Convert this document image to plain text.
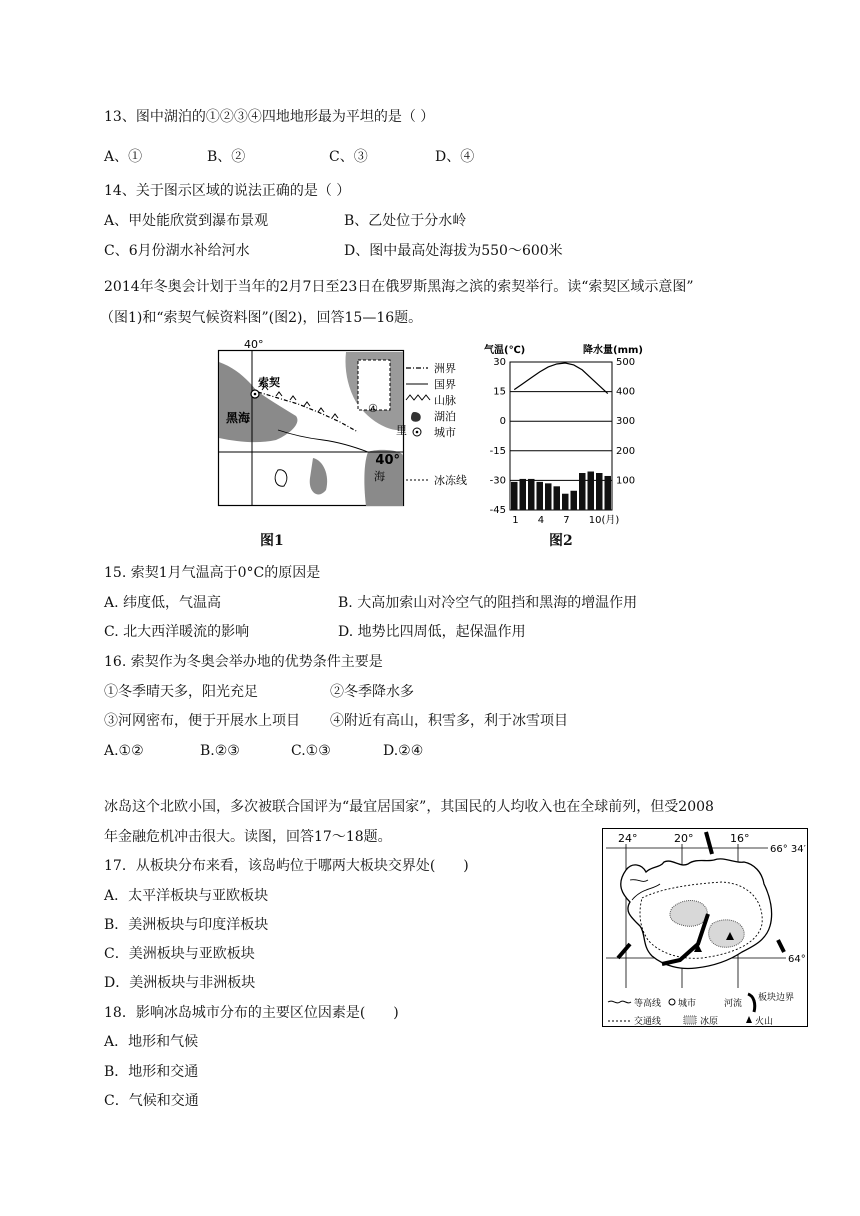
13、图中湖泊的①②③④四地地形最为平坦的是（ ）
A、①	B、②	C、③	D、④
14、关于图示区域的说法正确的是（ ）
A、甲处能欣赏到瀑布景观	B、乙处位于分水岭
C、6月份湖水补给河水	D、图中最高处海拔为550～600米
2014年冬奥会计划于当年的2月7日至23日在俄罗斯黑海之滨的索契举行。读“索契区域示意图”
（图1)和“索契气候资料图”(图2)，回答15—16题。
索契
黑海
40°
40°
海
里
④
洲界
国界
山脉
湖泊
城市
冰冻线
图1
气温(℃)	降水量(mm)
30
15
0
-15
-30
-45
500
400
300
200
100
1 4 7 10(月)
图2
15. 索契1月气温高于0°C的原因是
A. 纬度低，气温高	B. 大高加索山对冷空气的阻挡和黑海的增温作用
C. 北大西洋暖流的影响	D. 地势比四周低，起保温作用
16. 索契作为冬奥会举办地的优势条件主要是
①冬季晴天多，阳光充足	②冬季降水多
③河网密布，便于开展水上项目 ④附近有高山，积雪多，利于冰雪项目
A.①②	B.②③	C.①③	D.②④
冰岛这个北欧小国，多次被联合国评为“最宜居国家”，其国民的人均收入也在全球前列，但受2008
年金融危机冲击很大。读图，回答17～18题。
17．从板块分布来看，该岛屿位于哪两大板块交界处(　　)
A．太平洋板块与亚欧板块
B．美洲板块与印度洋板块
C．美洲板块与亚欧板块
D．美洲板块与非洲板块
18．影响冰岛城市分布的主要区位因素是(　　)
A．地形和气候
B．地形和交通
C．气候和交通
24°	20°	16°
66° 34′
64°
等高线 城市	河流
板块边界
交通线	冰原	火山
